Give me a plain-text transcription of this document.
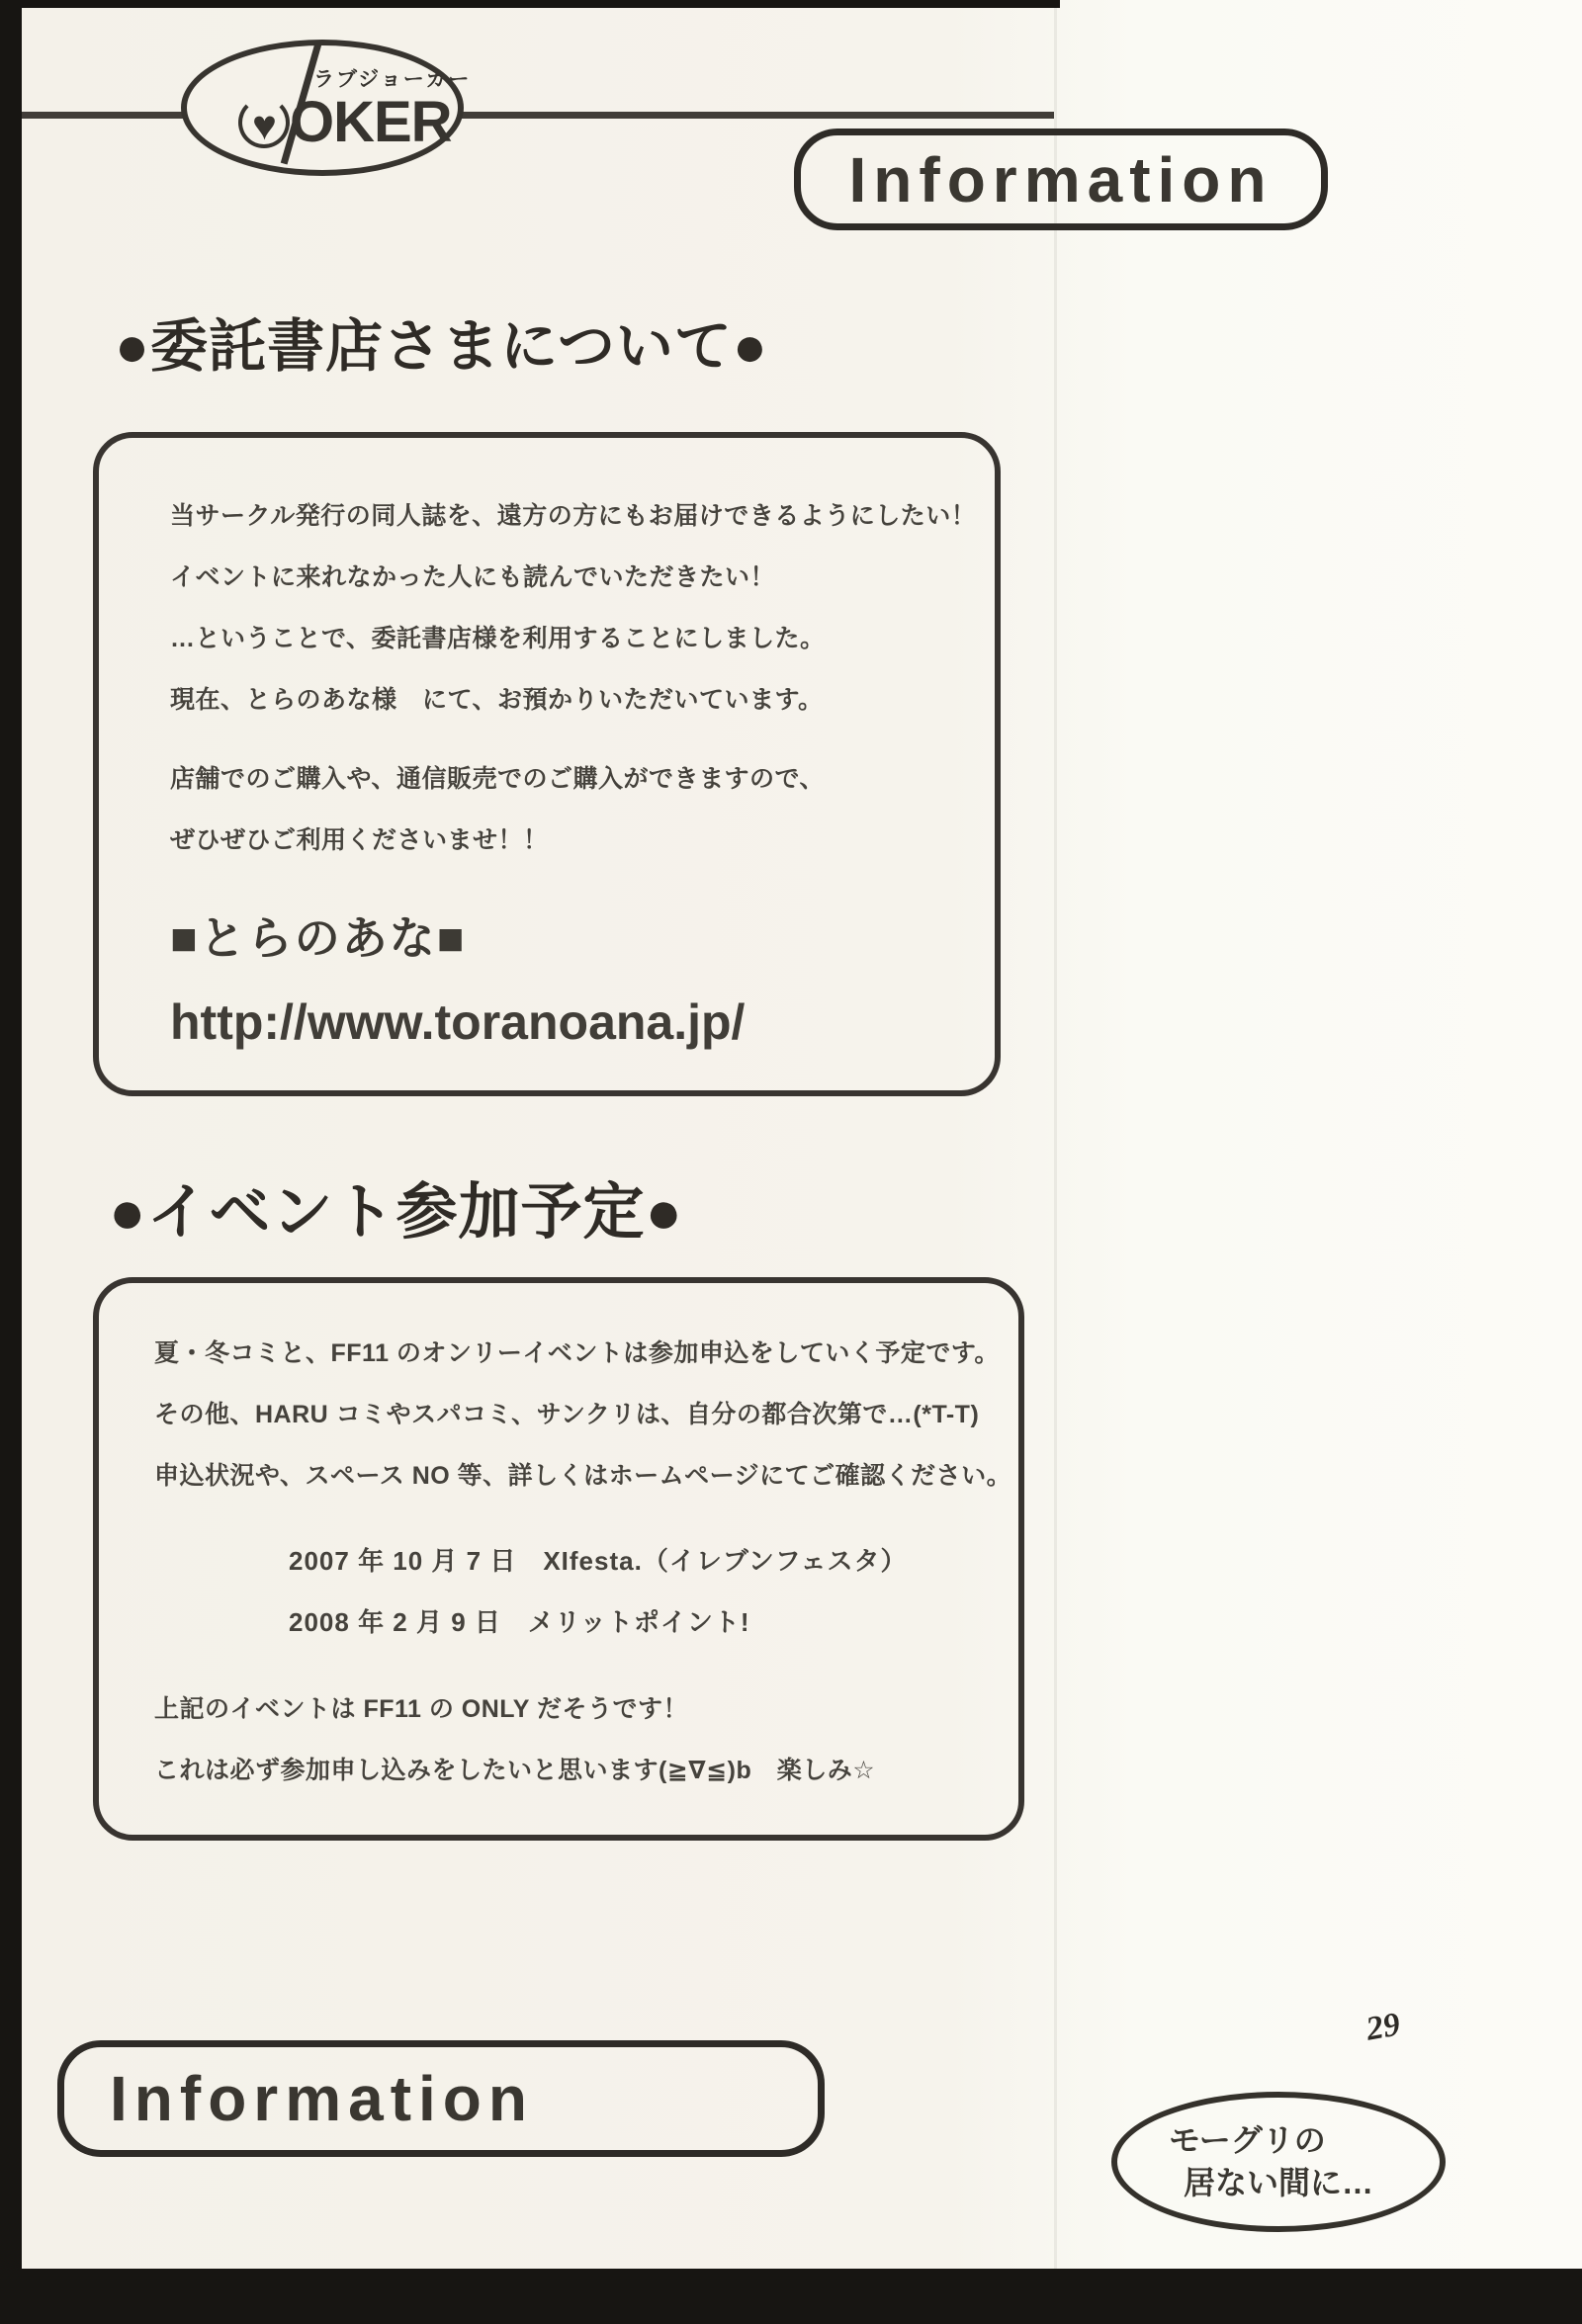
ラブジョーカー
♥ OKER
Information
●委託書店さまについて●
当サークル発行の同人誌を、遠方の方にもお届けできるようにしたい！
イベントに来れなかった人にも読んでいただきたい！
…ということで、委託書店様を利用することにしました。
現在、とらのあな様　にて、お預かりいただいています。
店舗でのご購入や、通信販売でのご購入ができますので、
ぜひぜひご利用くださいませ！！
■とらのあな■
http://www.toranoana.jp/
●イベント参加予定●
夏・冬コミと、FF11 のオンリーイベントは参加申込をしていく予定です。
その他、HARU コミやスパコミ、サンクリは、自分の都合次第で…(*T-T)
申込状況や、スペース NO 等、詳しくはホームページにてご確認ください。
2007 年 10 月 7 日　XIfesta.（イレブンフェスタ）
2008 年 2 月 9 日　メリットポイント!
上記のイベントは FF11 の ONLY だそうです！
これは必ず参加申し込みをしたいと思います(≧∇≦)b　楽しみ☆
Information
29
モーグリの
居ない間に…
